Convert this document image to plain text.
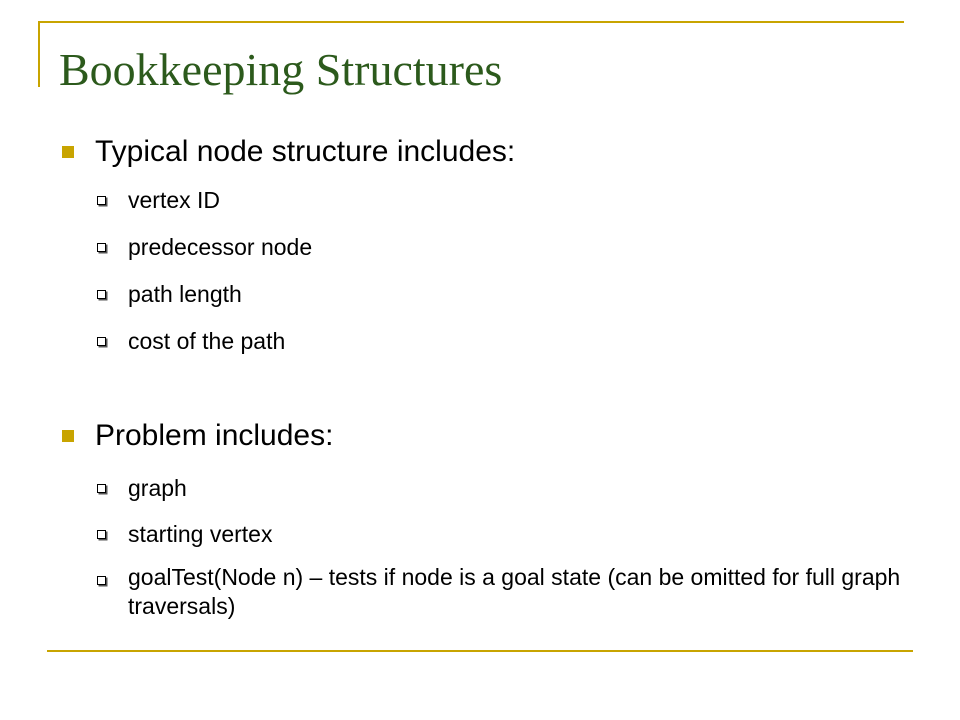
Bookkeeping Structures
Typical node structure includes:
vertex ID
predecessor node
path length
cost of the path
Problem includes:
graph
starting vertex
goalTest(Node n) – tests if node is a goal state (can be omitted for full graph traversals)
